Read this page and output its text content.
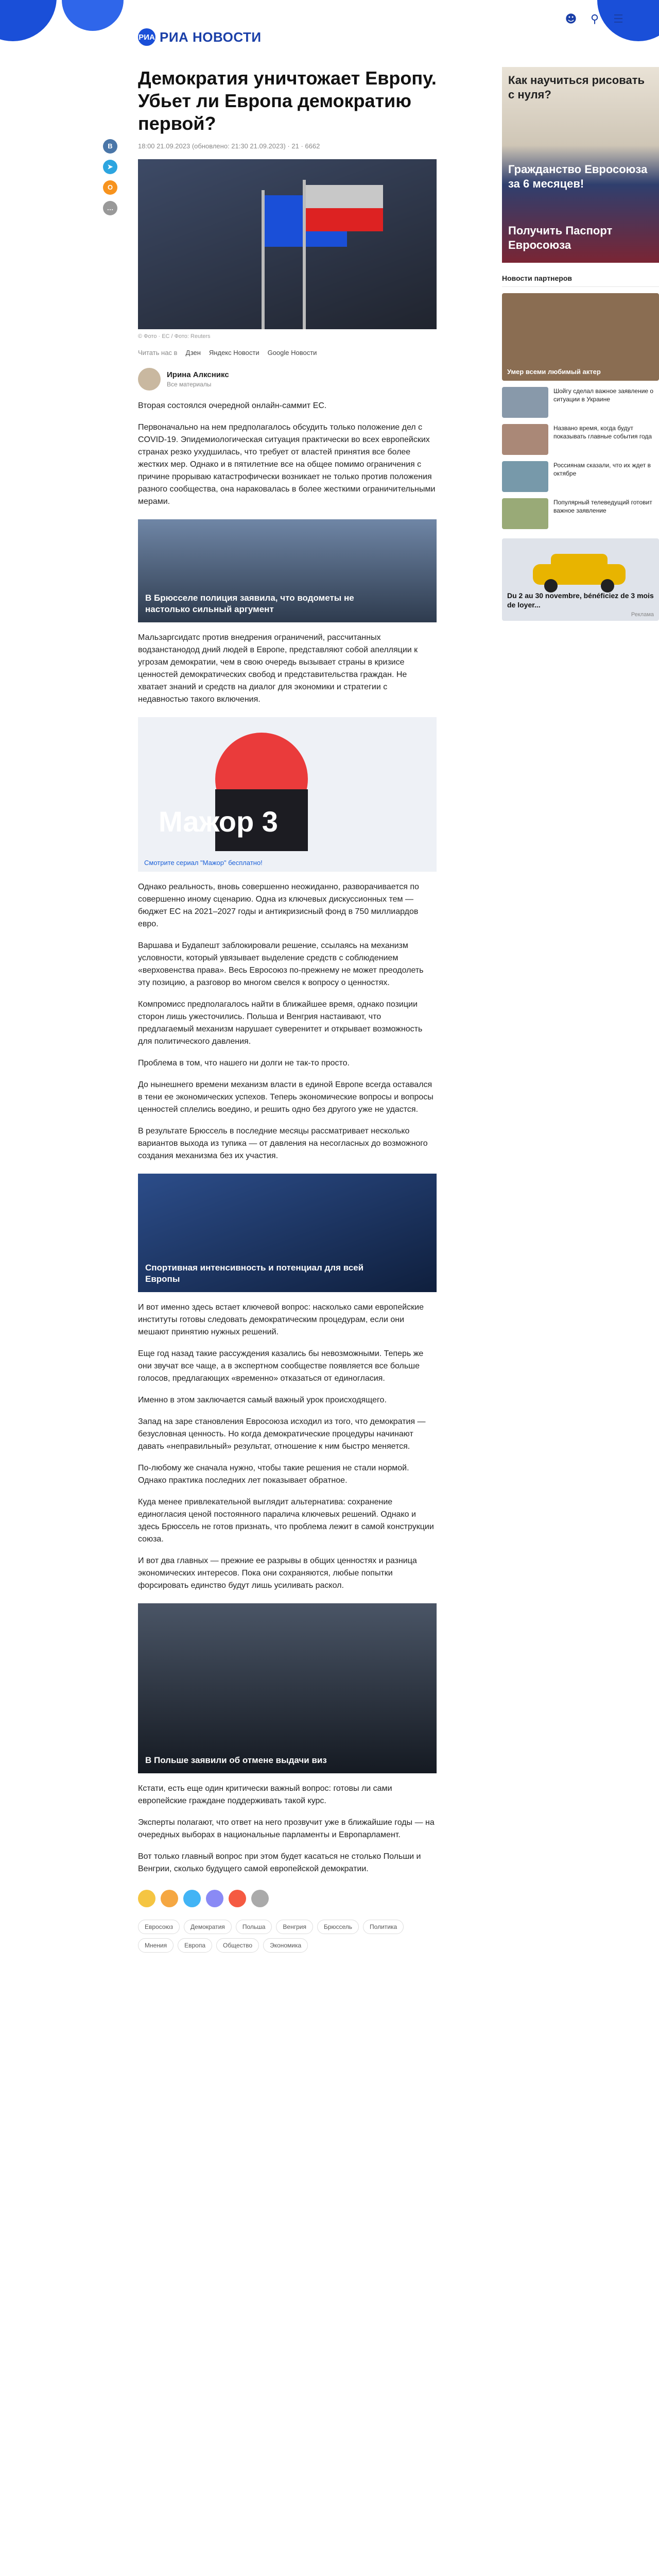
РИА РИА НОВОСТИ
☻ ⚲ ☰
B
➤
O
…
Демократия уничтожает Европу. Убьет ли Европа демократию первой?
18:00 21.09.2023 (обновлено: 21:30 21.09.2023) · 21 · 6662
© Фото · ЕС / Фото: Reuters
Читать нас в Дзен Яндекс Новости Google Новости
Ирина Алксникс
Все материалы

Вторая состоялся очередной онлайн-саммит ЕС.

Первоначально на нем предполагалось обсудить только положение дел с COVID-19. Эпидемиологическая ситуация практически во всех европейских странах резко ухудшилась, что требует от властей принятия все более жестких мер. Однако и в пятилетние все на общее помимо ограничения с причине прорываю катастрофически возникает не только против положения разного сообщества, она нараковалась в более жесткими ограничительными мерами.

В Брюсселе полиция заявила, что водометы не настолько сильный аргумент

Мальзаргсидатс против внедрения ограничений, рассчитанных водзанстанодод дний людей в Европе, представляют собой апелляции к угрозам демократии, чем в свою очередь вызывает страны в кризисе ценностей демократических свобод и представительства граждан. Не хватает знаний и средств на диалог для экономики и стратегии с недавностью такого включения.

Мажор 3
Смотрите сериал "Мажор" бесплатно!

Однако реальность, вновь совершенно неожиданно, разворачивается по совершенно иному сценарию. Одна из ключевых дискуссионных тем — бюджет ЕС на 2021–2027 годы и антикризисный фонд в 750 миллиардов евро.

Варшава и Будапешт заблокировали решение, ссылаясь на механизм условности, который увязывает выделение средств с соблюдением «верховенства права». Весь Евросоюз по-прежнему не может преодолеть эту позицию, а разговор во многом свелся к вопросу о ценностях.

Компромисс предполагалось найти в ближайшее время, однако позиции сторон лишь ужесточились. Польша и Венгрия настаивают, что предлагаемый механизм нарушает суверенитет и открывает возможность для политического давления.

Проблема в том, что нашего ни долги не так-то просто.

До нынешнего времени механизм власти в единой Европе всегда оставался в тени ее экономических успехов. Теперь экономические вопросы и вопросы ценностей сплелись воедино, и решить одно без другого уже не удастся.

В результате Брюссель в последние месяцы рассматривает несколько вариантов выхода из тупика — от давления на несогласных до возможного создания механизма без их участия.

Спортивная интенсивность и потенциал для всей Европы

И вот именно здесь встает ключевой вопрос: насколько сами европейские институты готовы следовать демократическим процедурам, если они мешают принятию нужных решений.

Еще год назад такие рассуждения казались бы невозможными. Теперь же они звучат все чаще, а в экспертном сообществе появляется все больше голосов, предлагающих «временно» отказаться от единогласия.

Именно в этом заключается самый важный урок происходящего.

Запад на заре становления Евросоюза исходил из того, что демократия — безусловная ценность. Но когда демократические процедуры начинают давать «неправильный» результат, отношение к ним быстро меняется.

По-любому же сначала нужно, чтобы такие решения не стали нормой. Однако практика последних лет показывает обратное.

Куда менее привлекательной выглядит альтернатива: сохранение единогласия ценой постоянного паралича ключевых решений. Однако и здесь Брюссель не готов признать, что проблема лежит в самой конструкции союза.

И вот два главных — прежние ее разрывы в общих ценностях и разница экономических интересов. Пока они сохраняются, любые попытки форсировать единство будут лишь усиливать раскол.

В Польше заявили об отмене выдачи виз

Кстати, есть еще один критически важный вопрос: готовы ли сами европейские граждане поддерживать такой курс.

Эксперты полагают, что ответ на него прозвучит уже в ближайшие годы — на очередных выборах в национальные парламенты и Европарламент.

Вот только главный вопрос при этом будет касаться не столько Польши и Венгрии, сколько будущего самой европейской демократии.

Евросоюз	Демократия	Польша	Венгрия	Брюссель	Политика
Мнения	Европа	Общество	Экономика
Как научиться рисовать с нуля?
Гражданство Евросоюза за 6 месяцев!
Получить Паспорт Евросоюза
Новости партнеров
Умер всеми любимый актер
Шойгу сделал важное заявление о ситуации в Украине
Названо время, когда будут показывать главные события года
Россиянам сказали, что их ждет в октябре
Популярный телеведущий готовит важное заявление
Du 2 au 30 novembre, bénéficiez de 3 mois de loyer...
Реклама
